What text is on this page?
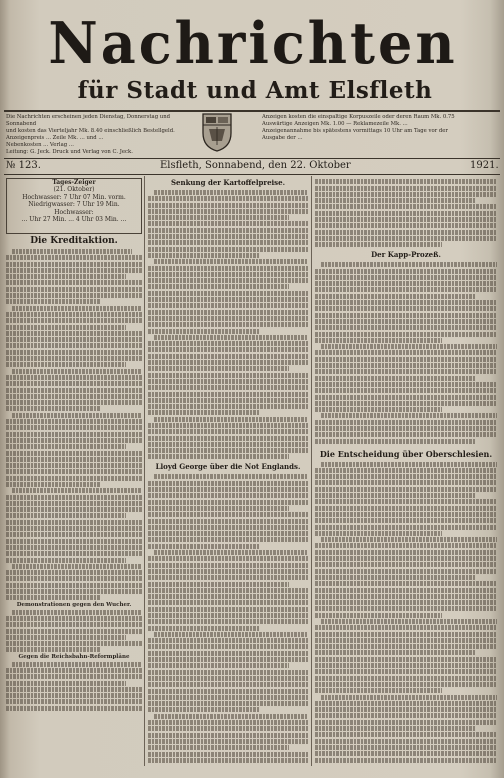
Nachrichten
für Stadt und Amt Elsfleth
Die Nachrichten erscheinen jeden Dienstag, Donnerstag und Sonnabend
und kosten das Vierteljahr Mk. 8.40 einschließlich Bestellgeld.
Anzeigenpreis ... Zeile Mk. ... und ...
Nebenkosten ... Verlag ...
Leitung: G. Jeck. Druck und Verlag von C. Jeck.
Anzeigen kosten die einspaltige Korpuszeile oder deren Raum Mk. 0.75
Auswärtige Anzeigen Mk. 1.00 — Reklamezeile Mk. ...
Anzeigenannahme bis spätestens vormittags 10 Uhr am Tage vor der
Ausgabe der ...
№ 123.	Elsfleth, Sonnabend, den 22. Oktober	1921.
Tages-Zeiger
(21. Oktober)
Hochwasser: 7 Uhr 07 Min. vorm.
Niedrigwasser: 7 Uhr 19 Min.
Hochwasser:
... Uhr 27 Min. ... 4 Uhr 03 Min. ...
Die Kreditaktion.
Demonstrationen gegen den Wucher.
Gegen die Reichsbahn-Reformpläne
Senkung der Kartoffelpreise.
Lloyd George über die Not Englands.
Der Kapp-Prozeß.
Die Entscheidung über Oberschlesien.
